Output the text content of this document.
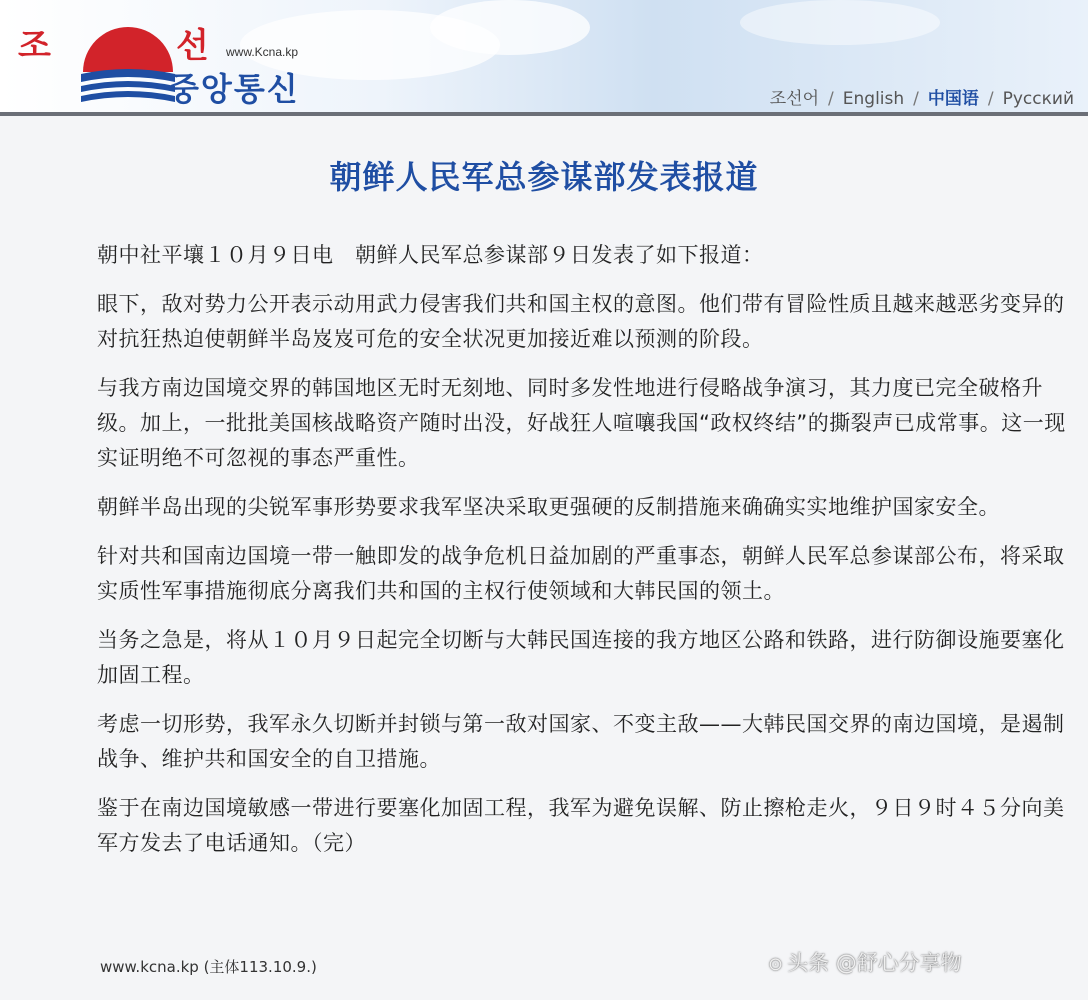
조	선 www.Kcna.kp
중앙통신	조선어 / English / 中国语 / Русский
朝鲜人民军总参谋部发表报道

朝中社平壤１０月９日电　朝鲜人民军总参谋部９日发表了如下报道：

眼下，敌对势力公开表示动用武力侵害我们共和国主权的意图。他们带有冒险性质且越来越恶劣变异的对抗狂热迫使朝鲜半岛岌岌可危的安全状况更加接近难以预测的阶段。

与我方南边国境交界的韩国地区无时无刻地、同时多发性地进行侵略战争演习，其力度已完全破格升级。加上，一批批美国核战略资产随时出没，好战狂人喧嚷我国“政权终结”的撕裂声已成常事。这一现实证明绝不可忽视的事态严重性。

朝鲜半岛出现的尖锐军事形势要求我军坚决采取更强硬的反制措施来确确实实地维护国家安全。

针对共和国南边国境一带一触即发的战争危机日益加剧的严重事态，朝鲜人民军总参谋部公布，将采取实质性军事措施彻底分离我们共和国的主权行使领域和大韩民国的领土。

当务之急是，将从１０月９日起完全切断与大韩民国连接的我方地区公路和铁路，进行防御设施要塞化加固工程。

考虑一切形势，我军永久切断并封锁与第一敌对国家、不变主敌——大韩民国交界的南边国境，是遏制战争、维护共和国安全的自卫措施。

鉴于在南边国境敏感一带进行要塞化加固工程，我军为避免误解、防止擦枪走火，９日９时４５分向美军方发去了电话通知。（完）

www.kcna.kp (主体113.10.9.)	⊙ 头条 @舒心分享物
